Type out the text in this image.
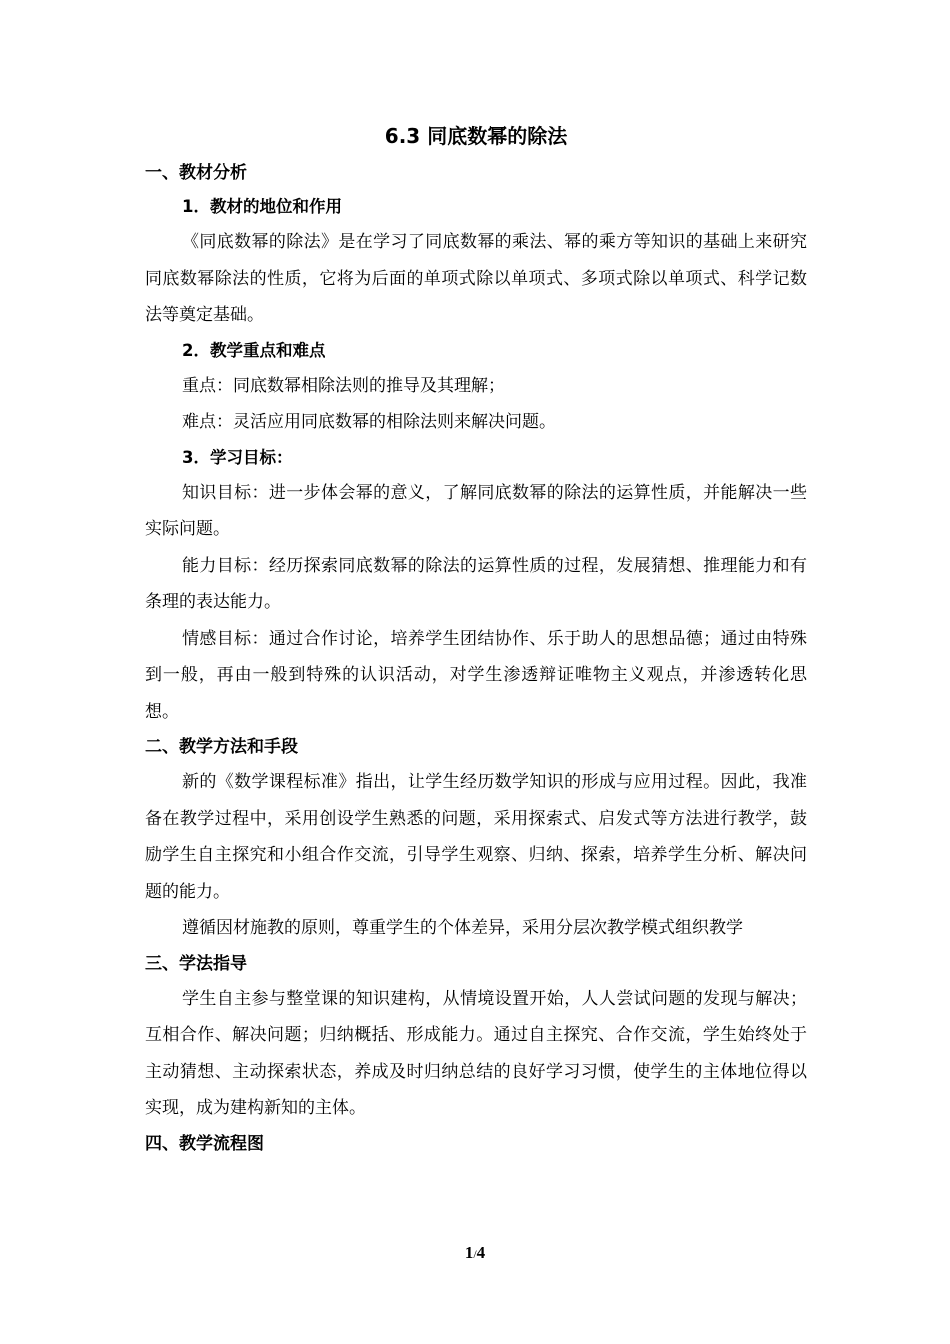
6.3 同底数幂的除法
一、教材分析
1．教材的地位和作用

《同底数幂的除法》是在学习了同底数幂的乘法、幂的乘方等知识的基础上来研究同底数幂除法的性质，它将为后面的单项式除以单项式、多项式除以单项式、科学记数法等奠定基础。

2．教学重点和难点

重点：同底数幂相除法则的推导及其理解；

难点：灵活应用同底数幂的相除法则来解决问题。

3．学习目标：

知识目标：进一步体会幂的意义，了解同底数幂的除法的运算性质，并能解决一些实际问题。

能力目标：经历探索同底数幂的除法的运算性质的过程，发展猜想、推理能力和有条理的表达能力。

情感目标：通过合作讨论，培养学生团结协作、乐于助人的思想品德；通过由特殊到一般，再由一般到特殊的认识活动，对学生渗透辩证唯物主义观点，并渗透转化思想。

二、教学方法和手段

新的《数学课程标准》指出，让学生经历数学知识的形成与应用过程。因此，我准备在教学过程中，采用创设学生熟悉的问题，采用探索式、启发式等方法进行教学，鼓励学生自主探究和小组合作交流，引导学生观察、归纳、探索，培养学生分析、解决问题的能力。

遵循因材施教的原则，尊重学生的个体差异，采用分层次教学模式组织教学

三、学法指导

学生自主参与整堂课的知识建构，从情境设置开始，人人尝试问题的发现与解决；互相合作、解决问题；归纳概括、形成能力。通过自主探究、合作交流，学生始终处于主动猜想、主动探索状态，养成及时归纳总结的良好学习习惯，使学生的主体地位得以实现，成为建构新知的主体。

四、教学流程图
1/4
